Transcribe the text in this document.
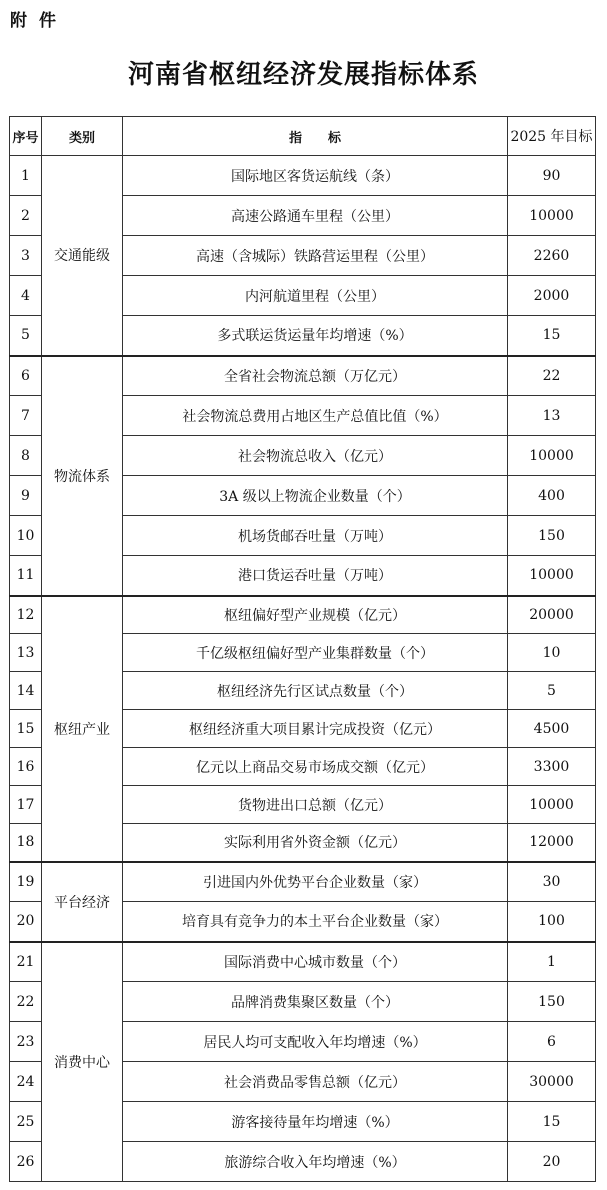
附件
河南省枢纽经济发展指标体系
序号	类别	指　　标	2025 年目标
1	交通能级	国际地区客货运航线（条）	90
2		高速公路通车里程（公里）	10000
3		高速（含城际）铁路营运里程（公里）	2260
4		内河航道里程（公里）	2000
5		多式联运货运量年均增速（%）	15
6	物流体系	全省社会物流总额（万亿元）	22
7		社会物流总费用占地区生产总值比值（%）	13
8		社会物流总收入（亿元）	10000
9		3A 级以上物流企业数量（个）	400
10		机场货邮吞吐量（万吨）	150
11		港口货运吞吐量（万吨）	10000
12	枢纽产业	枢纽偏好型产业规模（亿元）	20000
13		千亿级枢纽偏好型产业集群数量（个）	10
14		枢纽经济先行区试点数量（个）	5
15		枢纽经济重大项目累计完成投资（亿元）	4500
16		亿元以上商品交易市场成交额（亿元）	3300
17		货物进出口总额（亿元）	10000
18		实际利用省外资金额（亿元）	12000
19	平台经济	引进国内外优势平台企业数量（家）	30
20		培育具有竞争力的本土平台企业数量（家）	100
21	消费中心	国际消费中心城市数量（个）	1
22		品牌消费集聚区数量（个）	150
23		居民人均可支配收入年均增速（%）	6
24		社会消费品零售总额（亿元）	30000
25		游客接待量年均增速（%）	15
26		旅游综合收入年均增速（%）	20
